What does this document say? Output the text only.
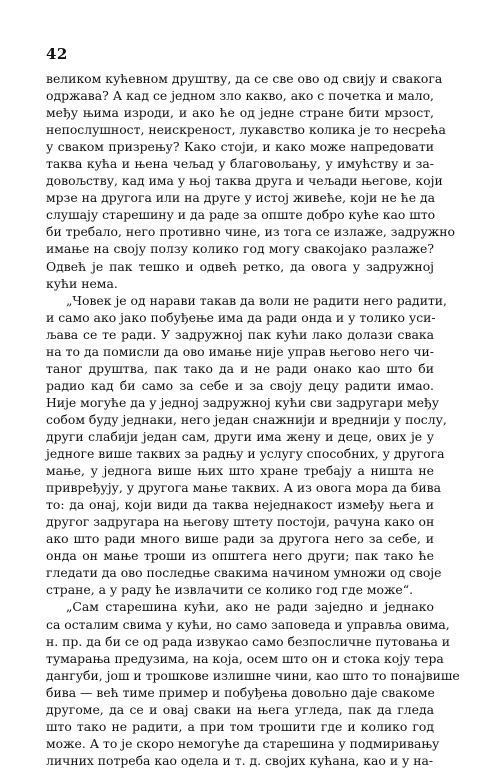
42
великом кућевном друштву, да се све ово од свију и свакога
одржава? А кад се једном зло какво, ако с почетка и мало,
међу њима изроди, и ако ће од једне стране бити мрзост,
непослушност, неискреност, лукавство колика је то несрећа
у сваком призрењу? Како стоји, и како може напредовати
таква кућа и њена чељад у благовољању, у имућству и за-
довољству, кад има у њој таква друга и чељади његове, који
мрзе на другога или на друге у истој живеће, који не ће да
слушају старешину и да раде за опште добро куће као што
би требало, него противно чине, из тога се излаже, задружно
имање на своју ползу колико год могу свакојако разлаже?
Одвећ је пак тешко и одвећ ретко, да овога у задружној
кући нема.
„Човек је од нарави такав да воли не радити него радити,
и само ако јако побуђење има да ради онда и у толико уси-
љава се те ради. У задружној пак кући лако долази свака
на то да помисли да ово имање није управ његово него чи-
таног друштва, пак тако да и не ради онако као што би
радио кад би само за себе и за своју децу радити имао.
Није могуће да у једној задружној кући сви задругари међу
собом буду једнаки, него један снажнији и вреднији у послу,
други слабији један сам, други има жену и деце, ових је у
једноге више таквих за радњу и услугу способних, у другога
мање, у једнога више њих што хране требају а ништа не
привређују, у другога мање таквих. А из овога мора да бива
то: да онај, који види да таква неједнакост између њега и
другог задругара на његову штету постоји, рачуна како он
ако што ради много више ради за другога него за себе, и
онда он мање троши из општега него други; пак тако ће
гледати да ово последње свакима начином умножи од своје
стране, а у раду ће извлачити се колико год где може“.
„Сам старешина кући, ако не ради заједно и једнако
са осталим свима у кући, но само заповеда и управља овима,
н. пр. да би се од рада извукао само безпосличне путовања и
тумарања предузима, на која, осем што он и стока коју тера
дангуби, још и трошкове излишне чини, као што то понајвише
бива — већ тиме пример и побуђења довољно даје свакоме
другоме, да се и овај сваки на њега угледа, пак да гледа
што тако не радити, а при том трошити где и колико год
може. А то је скоро немогуће да старешина у подмиривању
личних потреба као одела и т. д. својих кућана, као и у на-
